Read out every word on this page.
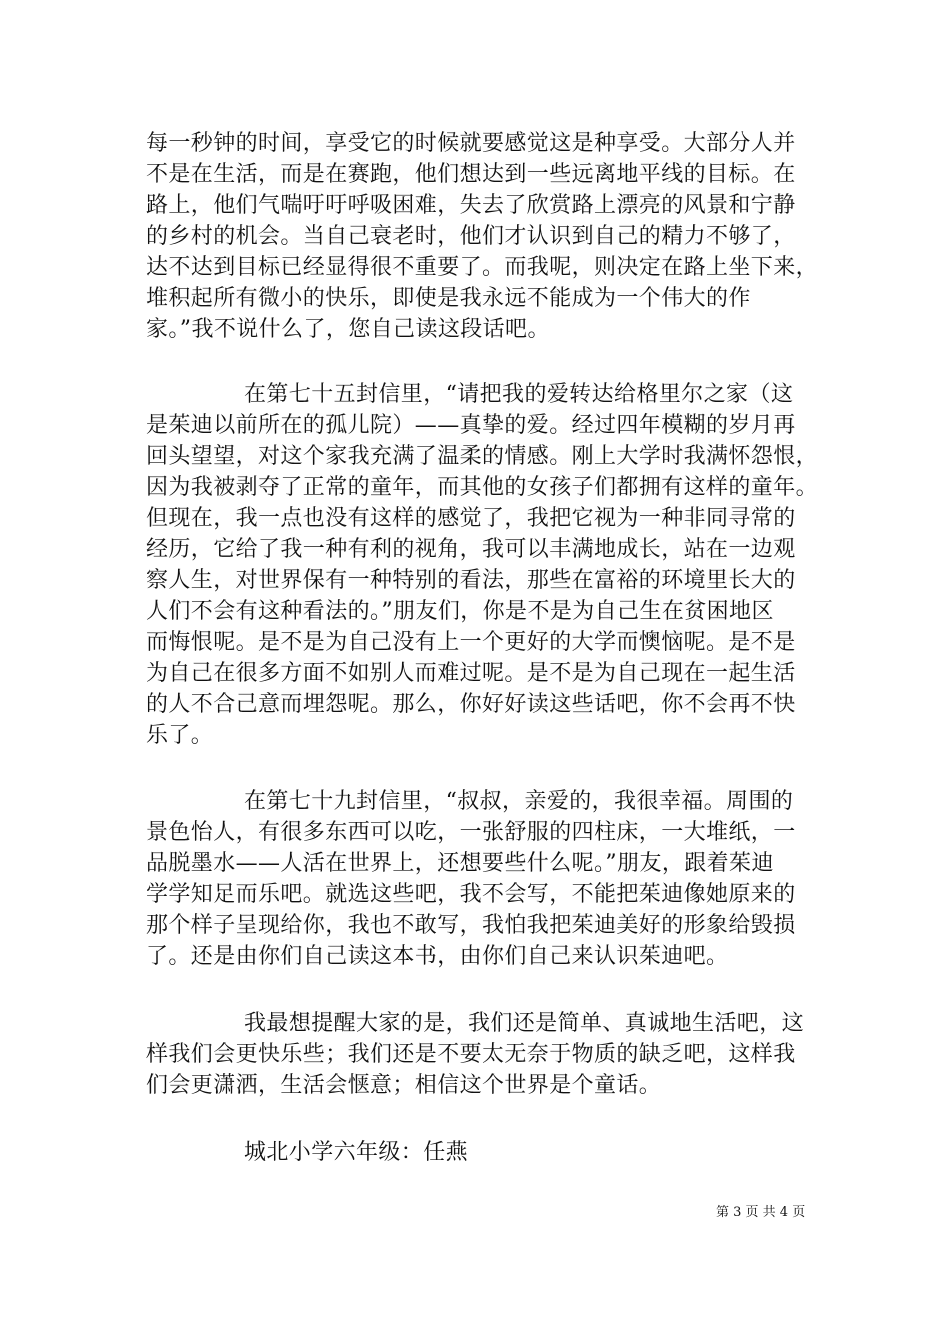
每一秒钟的时间，享受它的时候就要感觉这是种享受。大部分人并
不是在生活，而是在赛跑，他们想达到一些远离地平线的目标。在
路上，他们气喘吁吁呼吸困难，失去了欣赏路上漂亮的风景和宁静
的乡村的机会。当自己衰老时，他们才认识到自己的精力不够了，
达不达到目标已经显得很不重要了。而我呢，则决定在路上坐下来，
堆积起所有微小的快乐，即使是我永远不能成为一个伟大的作
家。”我不说什么了，您自己读这段话吧。
在第七十五封信里，“请把我的爱转达给格里尔之家（这
是茱迪以前所在的孤儿院）——真挚的爱。经过四年模糊的岁月再
回头望望，对这个家我充满了温柔的情感。刚上大学时我满怀怨恨，
因为我被剥夺了正常的童年，而其他的女孩子们都拥有这样的童年。
但现在，我一点也没有这样的感觉了，我把它视为一种非同寻常的
经历，它给了我一种有利的视角，我可以丰满地成长，站在一边观
察人生，对世界保有一种特别的看法，那些在富裕的环境里长大的
人们不会有这种看法的。”朋友们，你是不是为自己生在贫困地区
而悔恨呢。是不是为自己没有上一个更好的大学而懊恼呢。是不是
为自己在很多方面不如别人而难过呢。是不是为自己现在一起生活
的人不合己意而埋怨呢。那么，你好好读这些话吧，你不会再不快
乐了。
在第七十九封信里，“叔叔，亲爱的，我很幸福。周围的
景色怡人，有很多东西可以吃，一张舒服的四柱床，一大堆纸，一
品脱墨水——人活在世界上，还想要些什么呢。”朋友，跟着茱迪
学学知足而乐吧。就选这些吧，我不会写，不能把茱迪像她原来的
那个样子呈现给你，我也不敢写，我怕我把茱迪美好的形象给毁损
了。还是由你们自己读这本书，由你们自己来认识茱迪吧。
我最想提醒大家的是，我们还是简单、真诚地生活吧，这
样我们会更快乐些；我们还是不要太无奈于物质的缺乏吧，这样我
们会更潇洒，生活会惬意；相信这个世界是个童话。
城北小学六年级：任燕
第 3 页 共 4 页
